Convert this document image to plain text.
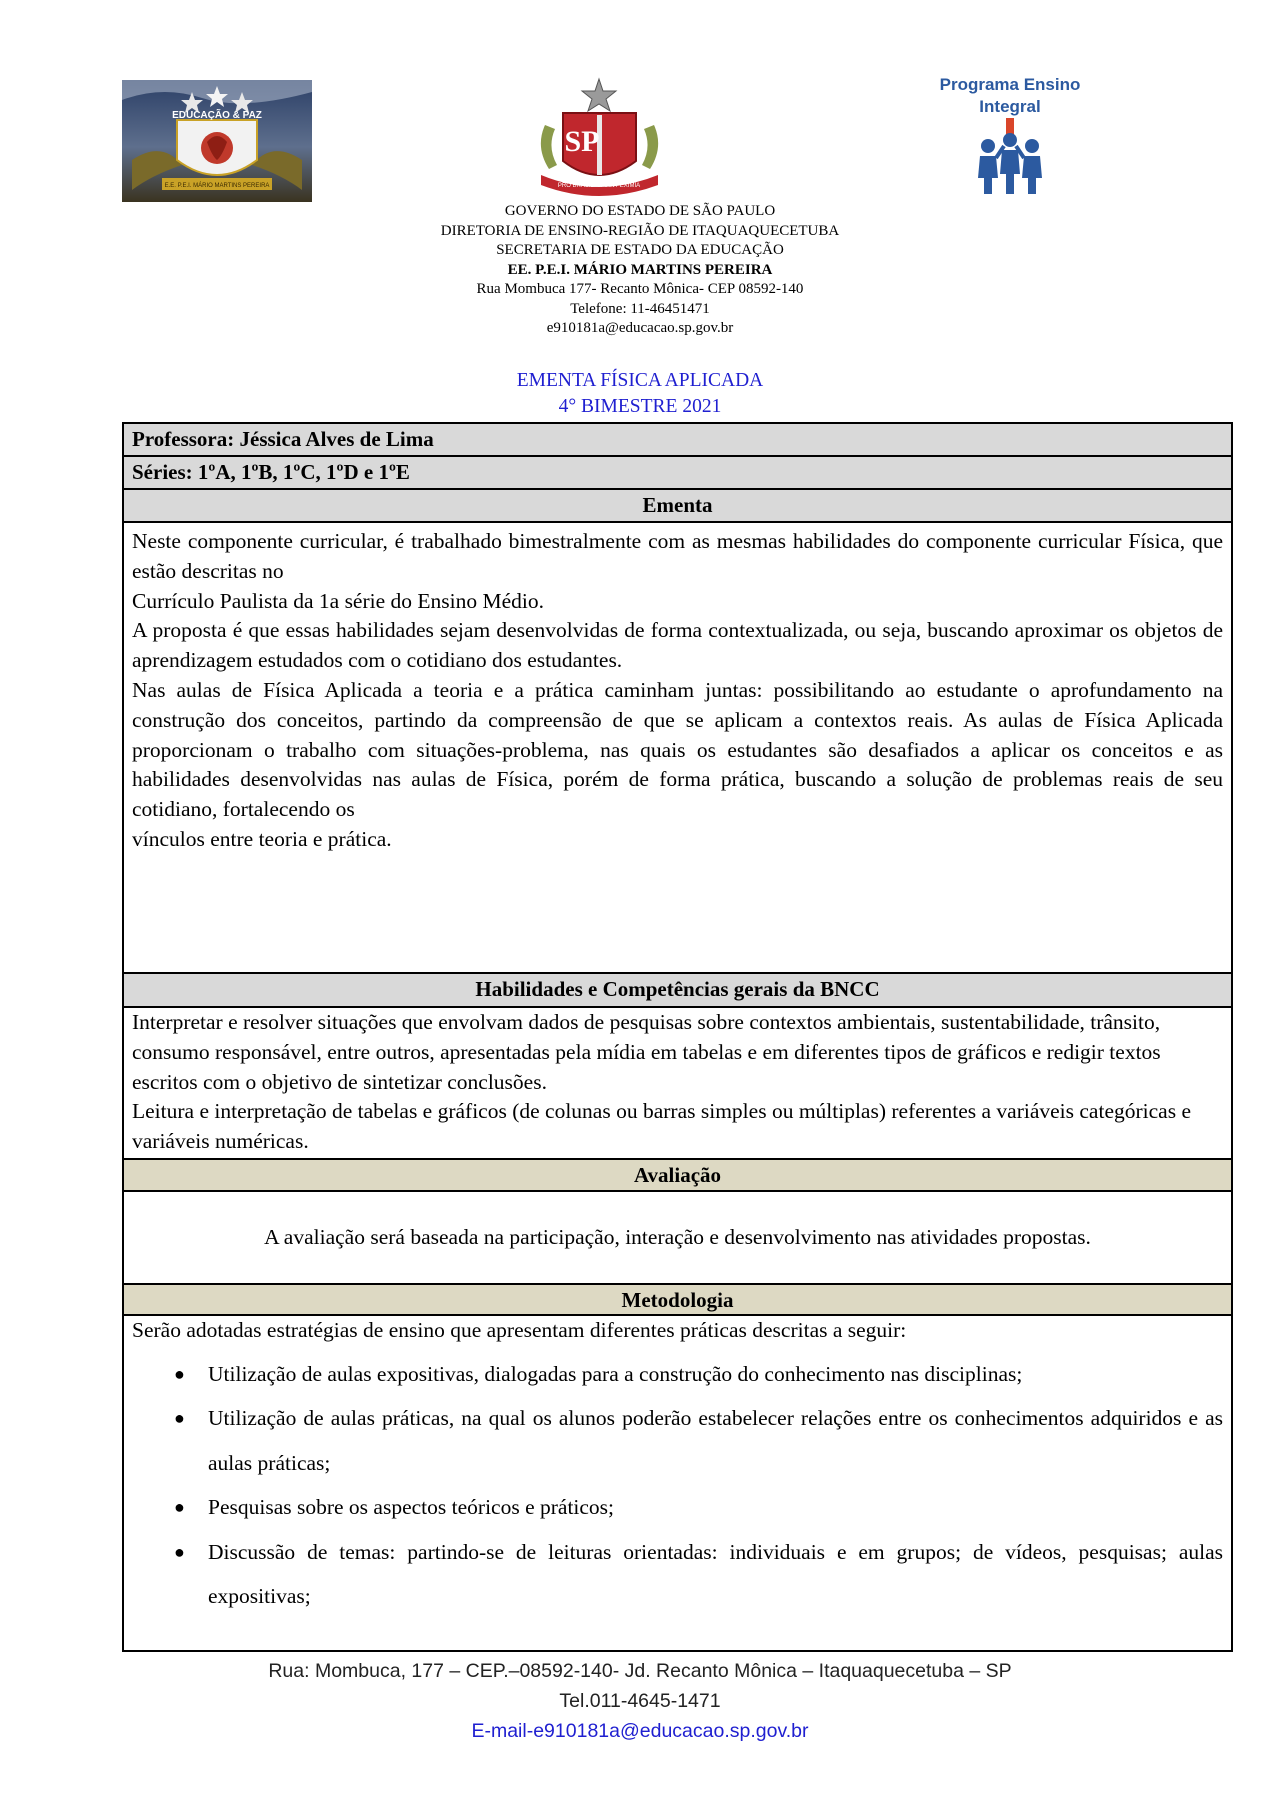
EDUCAÇÃO & PAZ
E.E. P.E.I. MÁRIO MARTINS PEREIRA
SP
PRO BRASILIA FIANT EXIMIA
Programa Ensino
Integral
GOVERNO DO ESTADO DE SÃO PAULO
DIRETORIA DE ENSINO-REGIÃO DE ITAQUAQUECETUBA
SECRETARIA DE ESTADO DA EDUCAÇÃO
EE. P.E.I. MÁRIO MARTINS PEREIRA
Rua Mombuca 177- Recanto Mônica- CEP 08592-140
Telefone: 11-46451471
e910181a@educacao.sp.gov.br
EMENTA FÍSICA APLICADA
4° BIMESTRE 2021
Professora: Jéssica Alves de Lima
Séries: 1ºA, 1ºB, 1ºC, 1ºD e 1ºE
Ementa

Neste componente curricular, é trabalhado bimestralmente com as mesmas habilidades do componente curricular Física, que estão descritas no

Currículo Paulista da 1a série do Ensino Médio.

A proposta é que essas habilidades sejam desenvolvidas de forma contextualizada, ou seja, buscando aproximar os objetos de aprendizagem estudados com o cotidiano dos estudantes.

Nas aulas de Física Aplicada a teoria e a prática caminham juntas: possibilitando ao estudante o aprofundamento na construção dos conceitos, partindo da compreensão de que se aplicam a contextos reais. As aulas de Física Aplicada proporcionam o trabalho com situações-problema, nas quais os estudantes são desafiados a aplicar os conceitos e as habilidades desenvolvidas nas aulas de Física, porém de forma prática, buscando a solução de problemas reais de seu cotidiano, fortalecendo os

vínculos entre teoria e prática.

Habilidades e Competências gerais da BNCC

Interpretar e resolver situações que envolvam dados de pesquisas sobre contextos ambientais, sustentabilidade, trânsito, consumo responsável, entre outros, apresentadas pela mídia em tabelas e em diferentes tipos de gráficos e redigir textos escritos com o objetivo de sintetizar conclusões.

Leitura e interpretação de tabelas e gráficos (de colunas ou barras simples ou múltiplas) referentes a variáveis categóricas e variáveis numéricas.

Avaliação
A avaliação será baseada na participação, interação e desenvolvimento nas atividades propostas.
Metodologia
Serão adotadas estratégias de ensino que apresentam diferentes práticas descritas a seguir:
● Utilização de aulas expositivas, dialogadas para a construção do conhecimento nas disciplinas;
● Utilização de aulas práticas, na qual os alunos poderão estabelecer relações entre os conhecimentos adquiridos e as aulas práticas;
● Pesquisas sobre os aspectos teóricos e práticos;
● Discussão de temas: partindo-se de leituras orientadas: individuais e em grupos; de vídeos, pesquisas; aulas expositivas;
Rua: Mombuca, 177 – CEP.–08592-140- Jd. Recanto Mônica – Itaquaquecetuba – SP
Tel.011-4645-1471
E-mail-e910181a@educacao.sp.gov.br
